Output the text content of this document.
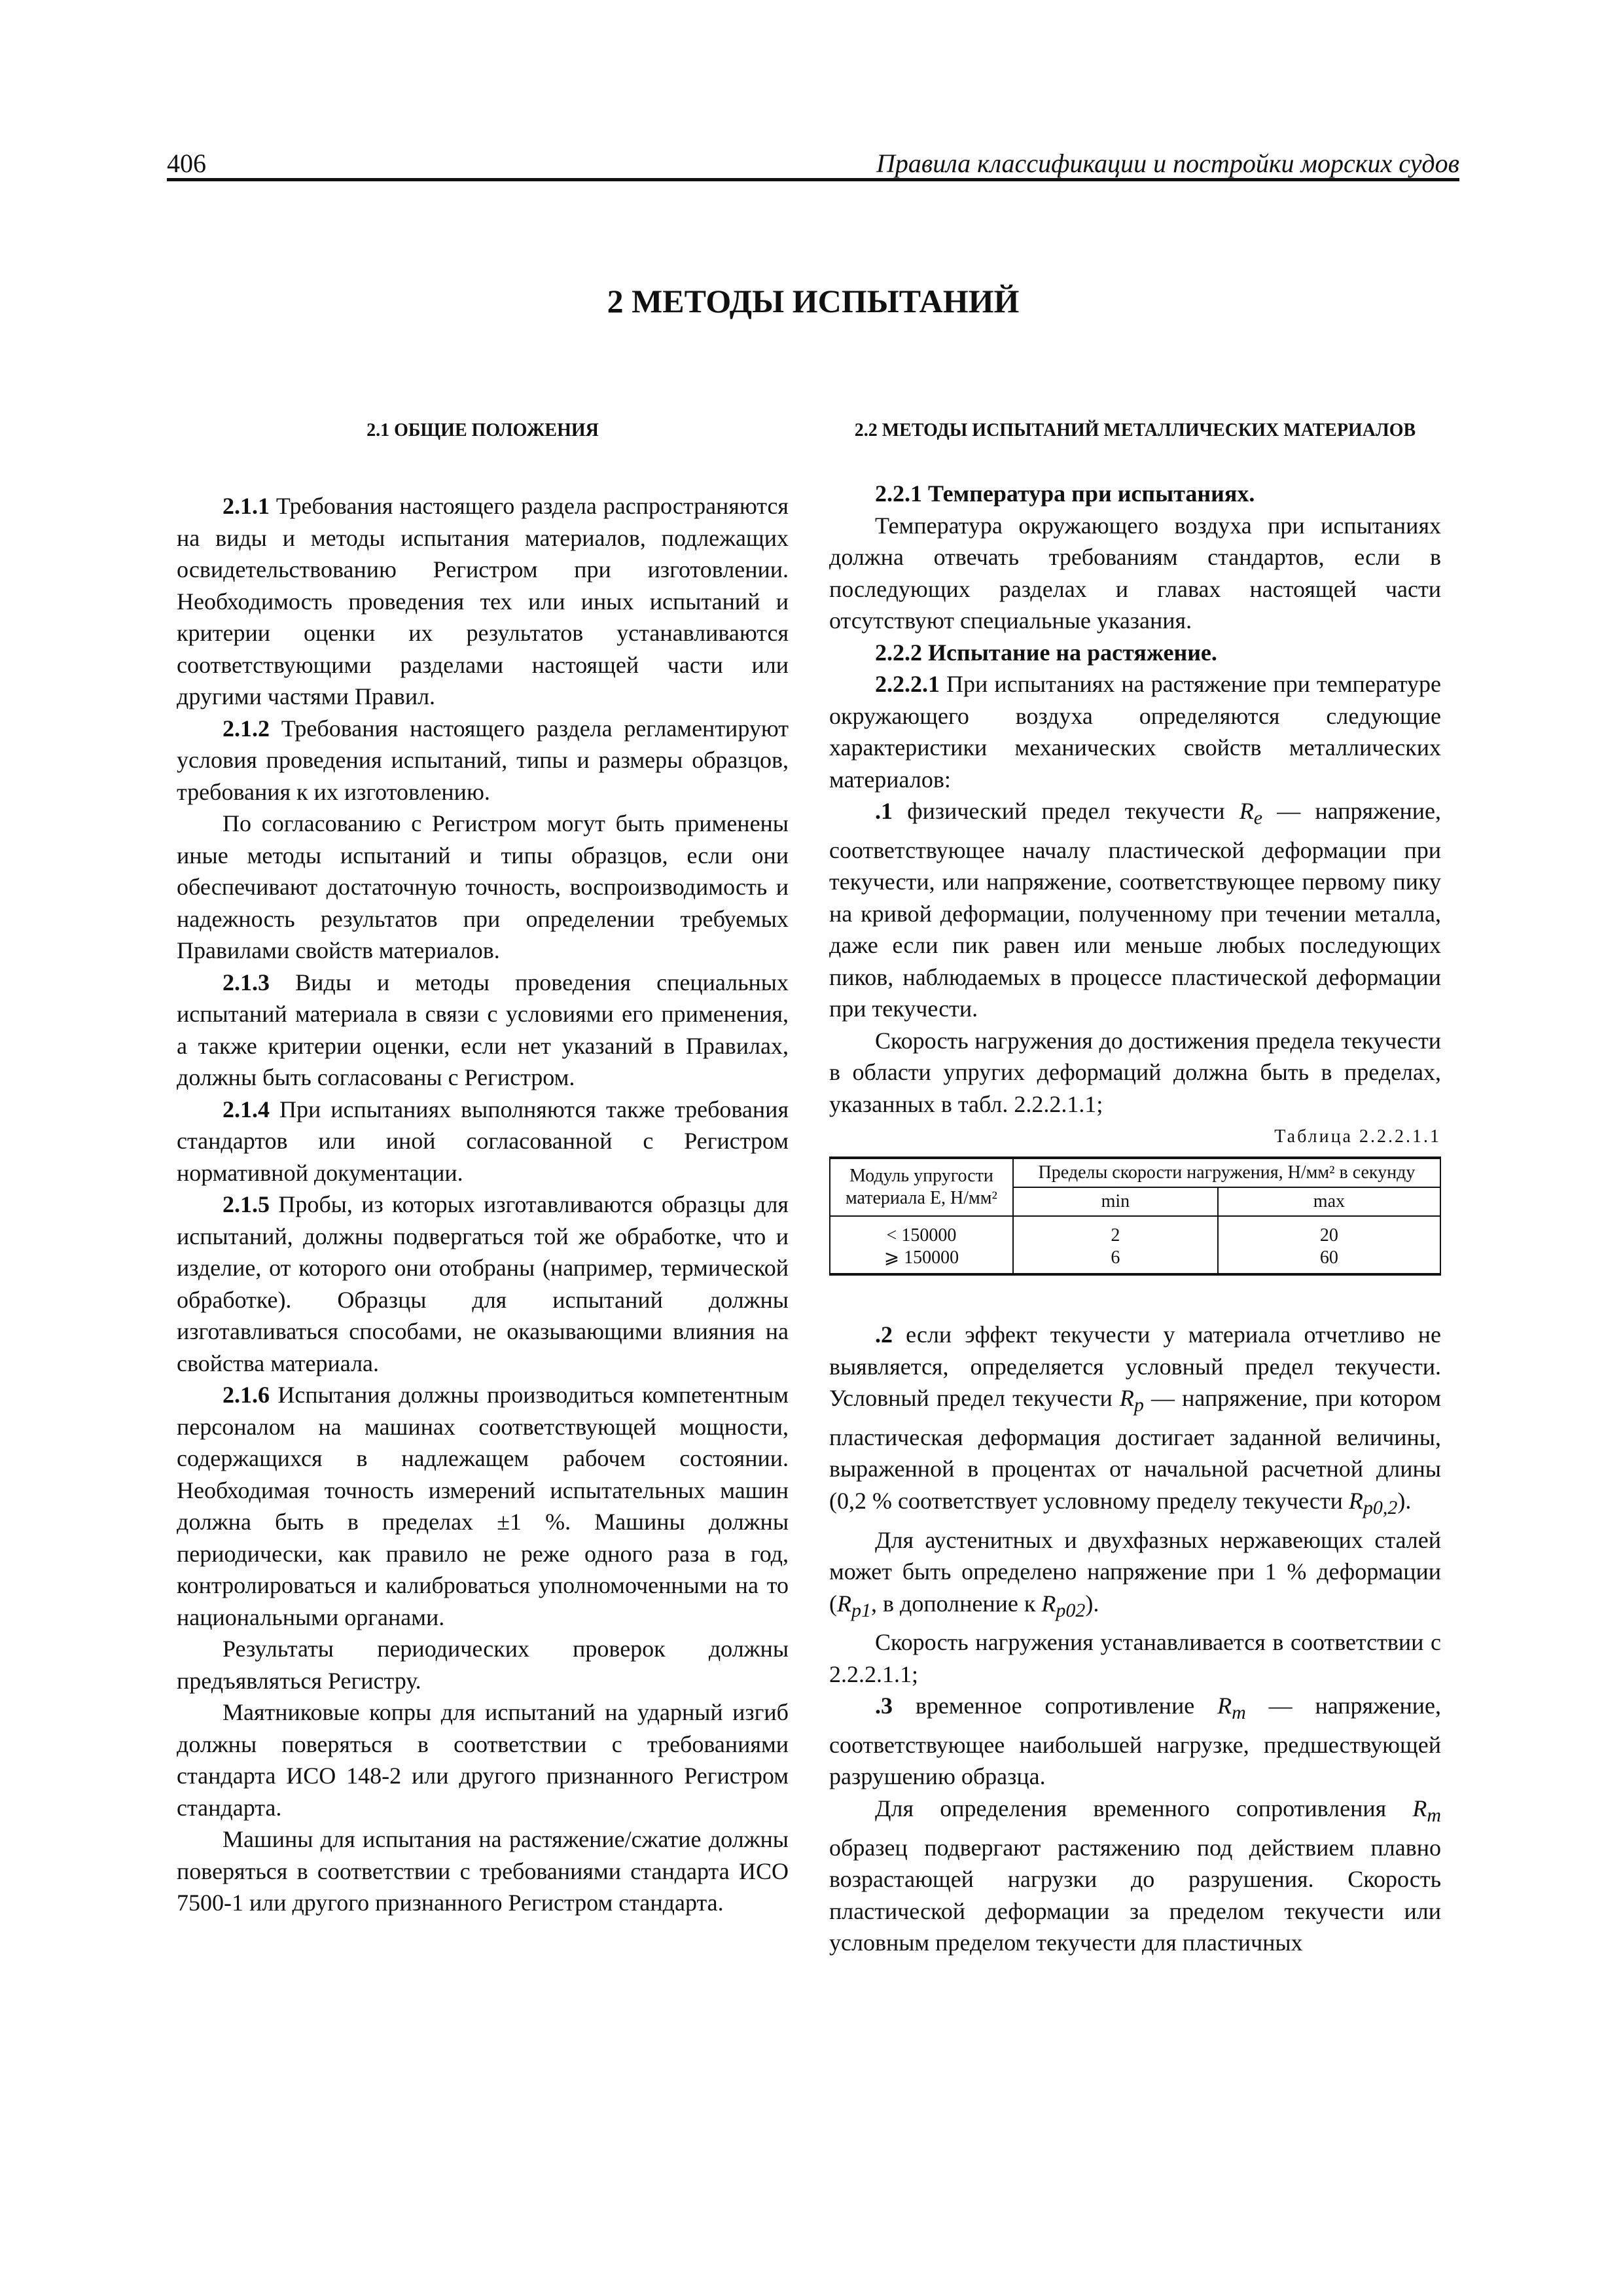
406	Правила классификации и постройки морских судов
2 МЕТОДЫ ИСПЫТАНИЙ
2.1 ОБЩИЕ ПОЛОЖЕНИЯ

2.1.1 Требования настоящего раздела распространяются на виды и методы испытания материалов, подлежащих освидетельствованию Регистром при изготовлении. Необходимость проведения тех или иных испытаний и критерии оценки их результатов устанавливаются соответствующими разделами настоящей части или другими частями Правил.

2.1.2 Требования настоящего раздела регламентируют условия проведения испытаний, типы и размеры образцов, требования к их изготовлению.

По согласованию с Регистром могут быть применены иные методы испытаний и типы образцов, если они обеспечивают достаточную точность, воспроизводимость и надежность результатов при определении требуемых Правилами свойств материалов.

2.1.3 Виды и методы проведения специальных испытаний материала в связи с условиями его применения, а также критерии оценки, если нет указаний в Правилах, должны быть согласованы с Регистром.

2.1.4 При испытаниях выполняются также требования стандартов или иной согласованной с Регистром нормативной документации.

2.1.5 Пробы, из которых изготавливаются образцы для испытаний, должны подвергаться той же обработке, что и изделие, от которого они отобраны (например, термической обработке). Образцы для испытаний должны изготавливаться способами, не оказывающими влияния на свойства материала.

2.1.6 Испытания должны производиться компетентным персоналом на машинах соответствующей мощности, содержащихся в надлежащем рабочем состоянии. Необходимая точность измерений испытательных машин должна быть в пределах ±1 %. Машины должны периодически, как правило не реже одного раза в год, контролироваться и калиброваться уполномоченными на то национальными органами.

Результаты периодических проверок должны предъявляться Регистру.

Маятниковые копры для испытаний на ударный изгиб должны поверяться в соответствии с требованиями стандарта ИСО 148-2 или другого признанного Регистром стандарта.

Машины для испытания на растяжение/сжатие должны поверяться в соответствии с требованиями стандарта ИСО 7500-1 или другого признанного Регистром стандарта.

2.2 МЕТОДЫ ИСПЫТАНИЙ МЕТАЛЛИЧЕСКИХ МАТЕРИАЛОВ

2.2.1 Температура при испытаниях.

Температура окружающего воздуха при испытаниях должна отвечать требованиям стандартов, если в последующих разделах и главах настоящей части отсутствуют специальные указания.

2.2.2 Испытание на растяжение.

2.2.2.1 При испытаниях на растяжение при температуре окружающего воздуха определяются следующие характеристики механических свойств металлических материалов:

.1 физический предел текучести $R_e$ — напряжение, соответствующее началу пластической деформации при текучести, или напряжение, соответствующее первому пику на кривой деформации, полученному при течении металла, даже если пик равен или меньше любых последующих пиков, наблюдаемых в процессе пластической деформации при текучести.

Скорость нагружения до достижения предела текучести в области упругих деформаций должна быть в пределах, указанных в табл. 2.2.2.1.1;

Таблица 2.2.2.1.1
Модуль упругости материала E, Н/мм²	Пределы скорости нагружения, Н/мм² в секунду	
	min	max
< 150000	2	20
⩾ 150000	6	60

.2 если эффект текучести у материала отчетливо не выявляется, определяется условный предел текучести. Условный предел текучести $R_p$ — напряжение, при котором пластическая деформация достигает заданной величины, выраженной в процентах от начальной расчетной длины (0,2 % соответствует условному пределу текучести $R_{p0,2}$).

Для аустенитных и двухфазных нержавеющих сталей может быть определено напряжение при 1 % деформации ($R_{p1}$, в дополнение к $R_{p02}$).

Скорость нагружения устанавливается в соответствии с 2.2.2.1.1;

.3 временное сопротивление $R_m$ — напряжение, соответствующее наибольшей нагрузке, предшествующей разрушению образца.

Для определения временного сопротивления $R_m$ образец подвергают растяжению под действием плавно возрастающей нагрузки до разрушения. Скорость пластической деформации за пределом текучести или условным пределом текучести для пластичных
